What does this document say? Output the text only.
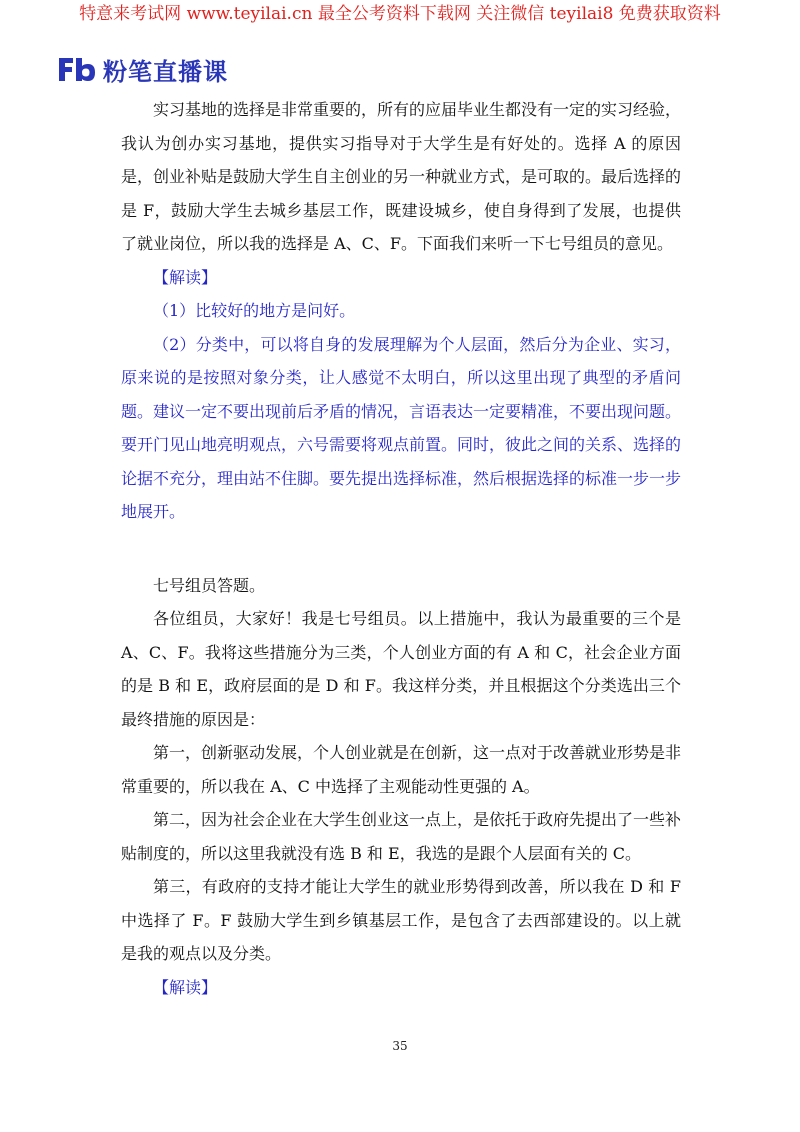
特意来考试网 www.teyilai.cn 最全公考资料下载网 关注微信 teyilai8 免费获取资料
粉笔直播课

实习基地的选择是非常重要的，所有的应届毕业生都没有一定的实习经验，我认为创办实习基地，提供实习指导对于大学生是有好处的。选择 A 的原因是，创业补贴是鼓励大学生自主创业的另一种就业方式，是可取的。最后选择的是 F，鼓励大学生去城乡基层工作，既建设城乡，使自身得到了发展，也提供了就业岗位，所以我的选择是 A、C、F。下面我们来听一下七号组员的意见。

【解读】

（1）比较好的地方是问好。

（2）分类中，可以将自身的发展理解为个人层面，然后分为企业、实习，原来说的是按照对象分类，让人感觉不太明白，所以这里出现了典型的矛盾问题。建议一定不要出现前后矛盾的情况，言语表达一定要精准，不要出现问题。要开门见山地亮明观点，六号需要将观点前置。同时，彼此之间的关系、选择的论据不充分，理由站不住脚。要先提出选择标准，然后根据选择的标准一步一步地展开。

七号组员答题。

各位组员，大家好！我是七号组员。以上措施中，我认为最重要的三个是 A、C、F。我将这些措施分为三类，个人创业方面的有 A 和 C，社会企业方面的是 B 和 E，政府层面的是 D 和 F。我这样分类，并且根据这个分类选出三个最终措施的原因是：

第一，创新驱动发展，个人创业就是在创新，这一点对于改善就业形势是非常重要的，所以我在 A、C 中选择了主观能动性更强的 A。

第二，因为社会企业在大学生创业这一点上，是依托于政府先提出了一些补贴制度的，所以这里我就没有选 B 和 E，我选的是跟个人层面有关的 C。

第三，有政府的支持才能让大学生的就业形势得到改善，所以我在 D 和 F 中选择了 F。F 鼓励大学生到乡镇基层工作，是包含了去西部建设的。以上就是我的观点以及分类。

【解读】

35
